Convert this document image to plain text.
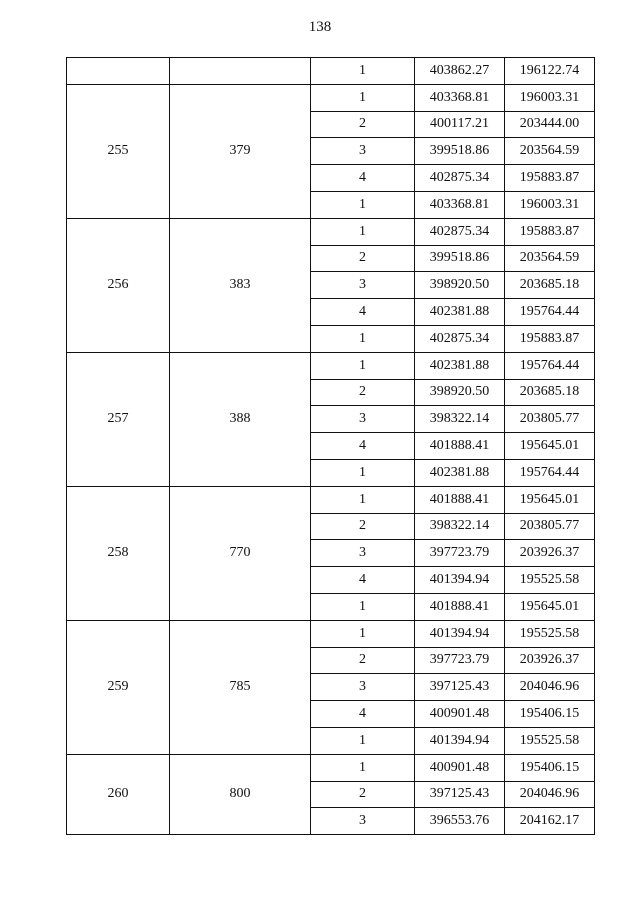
138
		1	403862.27	196122.74
255	379	1	403368.81	196003.31
		2	400117.21	203444.00
		3	399518.86	203564.59
		4	402875.34	195883.87
		1	403368.81	196003.31
256	383	1	402875.34	195883.87
		2	399518.86	203564.59
		3	398920.50	203685.18
		4	402381.88	195764.44
		1	402875.34	195883.87
257	388	1	402381.88	195764.44
		2	398920.50	203685.18
		3	398322.14	203805.77
		4	401888.41	195645.01
		1	402381.88	195764.44
258	770	1	401888.41	195645.01
		2	398322.14	203805.77
		3	397723.79	203926.37
		4	401394.94	195525.58
		1	401888.41	195645.01
259	785	1	401394.94	195525.58
		2	397723.79	203926.37
		3	397125.43	204046.96
		4	400901.48	195406.15
		1	401394.94	195525.58
260	800	1	400901.48	195406.15
		2	397125.43	204046.96
		3	396553.76	204162.17
